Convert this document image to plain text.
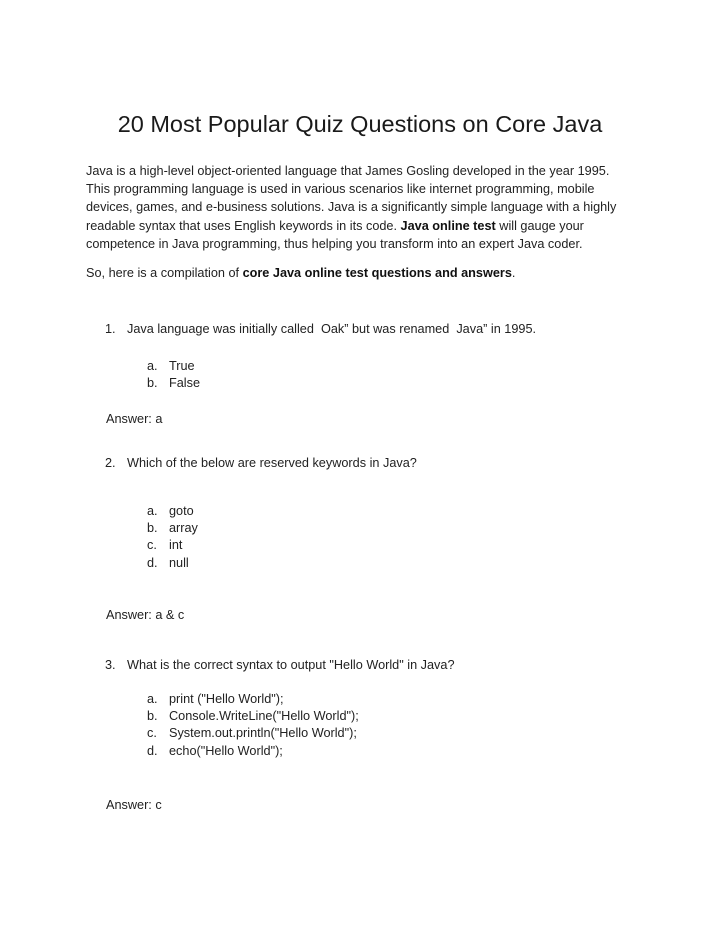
20 Most Popular Quiz Questions on Core Java

Java is a high-level object-oriented language that James Gosling developed in the year 1995.
This programming language is used in various scenarios like internet programming, mobile
devices, games, and e-business solutions. Java is a significantly simple language with a highly
readable syntax that uses English keywords in its code. Java online test will gauge your
competence in Java programming, thus helping you transform into an expert Java coder.

So, here is a compilation of core Java online test questions and answers.

1. Java language was initially called  Oak” but was renamed  Java” in 1995.
a. True
b. False
Answer: a
2. Which of the below are reserved keywords in Java?
a. goto
b. array
c. int
d. null
Answer: a & c
3. What is the correct syntax to output "Hello World" in Java?
a. print ("Hello World");
b. Console.WriteLine("Hello World");
c. System.out.println("Hello World");
d. echo("Hello World");
Answer: c
